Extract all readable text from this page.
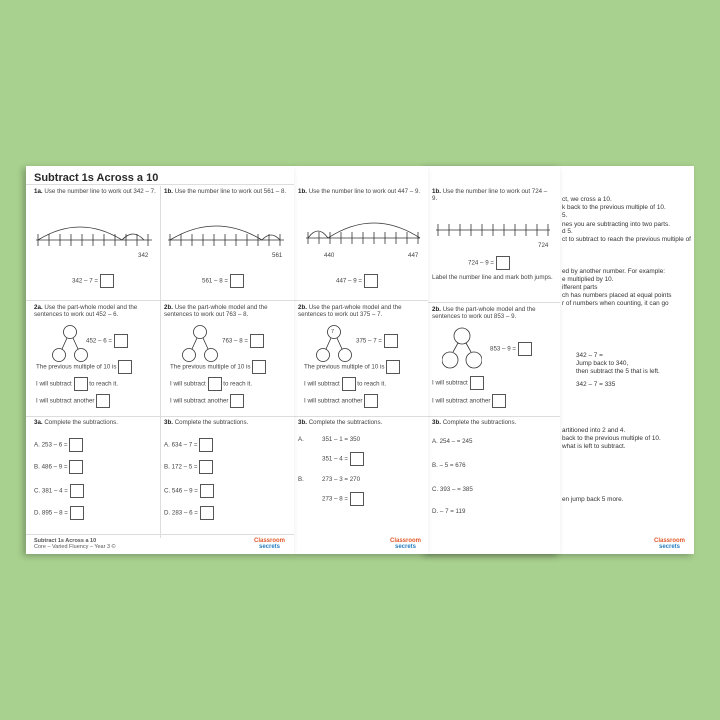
ct, we cross a 10.
k back to the previous multiple of 10.
5.
nes you are subtracting into two parts.
d 5.
ct to subtract to reach the previous multiple of
ed by another number. For example:
e multiplied by 10.
ifferent parts
ch has numbers placed at equal points
r of numbers when counting, it can go
342 – 7 =
Jump back to 340,
then subtract the 5 that is left.
342 – 7 = 335
artitioned into 2 and 4.
back to the previous multiple of 10.
what is left to subtract.
en jump back 5 more.
Classroom
secrets
1b. Use the number line to work out 724 – 9.
724
724 – 9 =
Label the number line and mark both jumps.
2b. Use the part-whole model and the sentences to work out 853 – 9.
853 – 9 =
I will subtract
I will subtract another
3b. Complete the subtractions.
A. 254 – = 245
B. – 5 = 676
C. 393 – = 385
D. – 7 = 119
1b. Use the number line to work out 447 – 9.
440	447
447 – 9 =
2b. Use the part-whole model and the sentences to work out 375 – 7.
7
375 – 7 =
The previous multiple of 10 is
I will subtract	to reach it.
I will subtract another
3b. Complete the subtractions.
A.	351 – 1 = 350
351 – 4 =
B.	273 – 3 = 270
273 – 8 =
Classroom
secrets
Subtract 1s Across a 10
1a. Use the number line to work out 342 – 7.
342
342 – 7 =
1b. Use the number line to work out 561 – 8.
561
561 – 8 =
2a. Use the part-whole model and the sentences to work out 452 – 6.
452 – 6 =
The previous multiple of 10 is
I will subtract	to reach it.
I will subtract another
2b. Use the part-whole model and the sentences to work out 763 – 8.
763 – 8 =
The previous multiple of 10 is
I will subtract	to reach it.
I will subtract another
3a. Complete the subtractions.
A. 253 – 6 =
B. 486 – 9 =
C. 381 – 4 =
D. 895 – 8 =
3b. Complete the subtractions.
A. 634 – 7 =
B. 172 – 5 =
C. 546 – 9 =
D. 283 – 6 =
Subtract 1s Across a 10
Core – Varied Fluency – Year 3 ©
Classroom
secrets
